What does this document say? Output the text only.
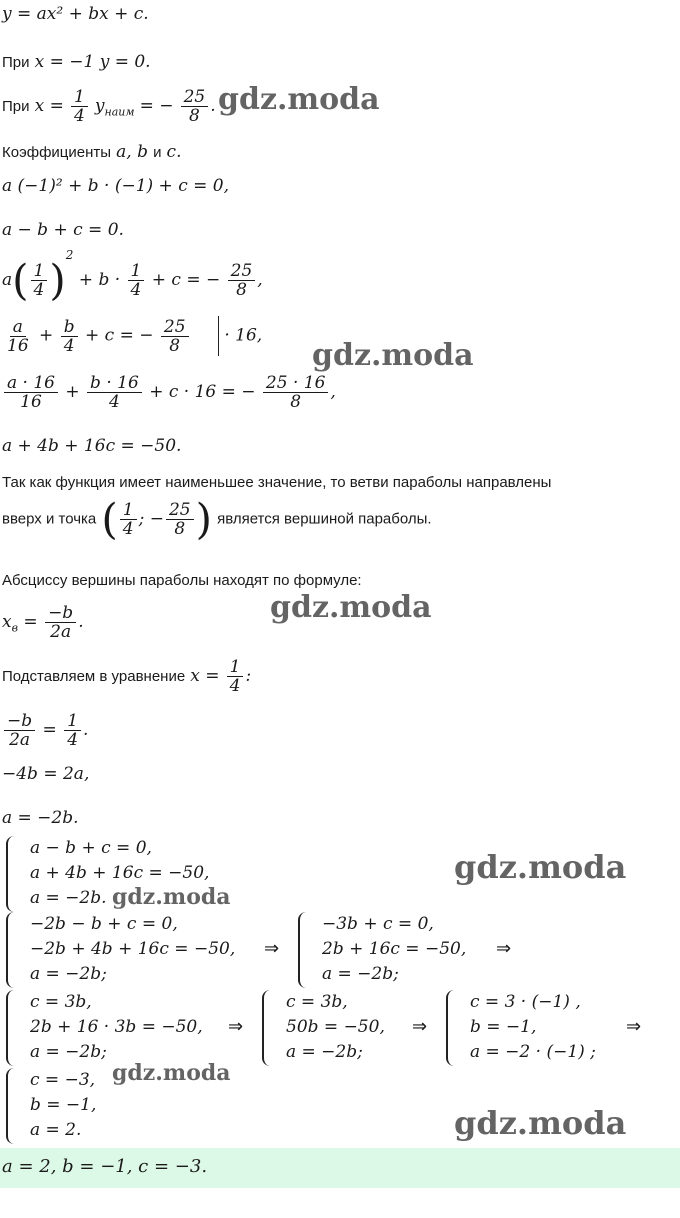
y = ax² + bx + c.
При x = −1 y = 0.
При $x = \frac{1}{4} y_{наим}$ = − $\frac{25}{8}$ .
Коэффициенты a, b и c.
a (−1)² + b · (−1) + c = 0,
a − b + c = 0.
$a( \frac{1}{4} )^2 + b \cdot \frac{1}{4} + c$ = − $\frac{25}{8}$ ,
$\frac{a}{16} + \frac{b}{4} + c$ = − $\frac{25}{8} \cdot 16$,
$\frac{a \cdot 16}{16} + \frac{b \cdot 16}{4} + c \cdot 16$ = − $\frac{25 \cdot 16}{8}$ ,
a + 4b + 16c = −50.
Так как функция имеет наименьшее значение, то ветви параболы направлены
вверх и точка ( $\frac{1}{4}$ ; − $\frac{25}{8}$ ) является вершиной параболы.
Абсциссу вершины параболы находят по формуле:
$x_в = \frac{-b}{2a}$ .
Подставляем в уравнение $x = \frac{1}{4}$ :
$\frac{-b}{2a} = \frac{1}{4}$ .
−4b = 2a,
a = −2b.
a − b + c = 0,
a + 4b + 16c = −50,
a = −2b.
−2b − b + c = 0,
−2b + 4b + 16c = −50,
a = −2b;
⇒
−3b + c = 0,
2b + 16c = −50,
a = −2b;
⇒
c = 3b,
2b + 16 · 3b = −50,
a = −2b;
⇒
c = 3b,
50b = −50,
a = −2b;
⇒
c = 3 · (−1) ,
b = −1,
a = −2 · (−1) ;
⇒
c = −3,
b = −1,
a = 2.
a = 2, b = −1, c = −3.
gdz.moda
gdz.moda
gdz.moda
gdz.moda
gdz.moda
gdz.moda
gdz.moda
